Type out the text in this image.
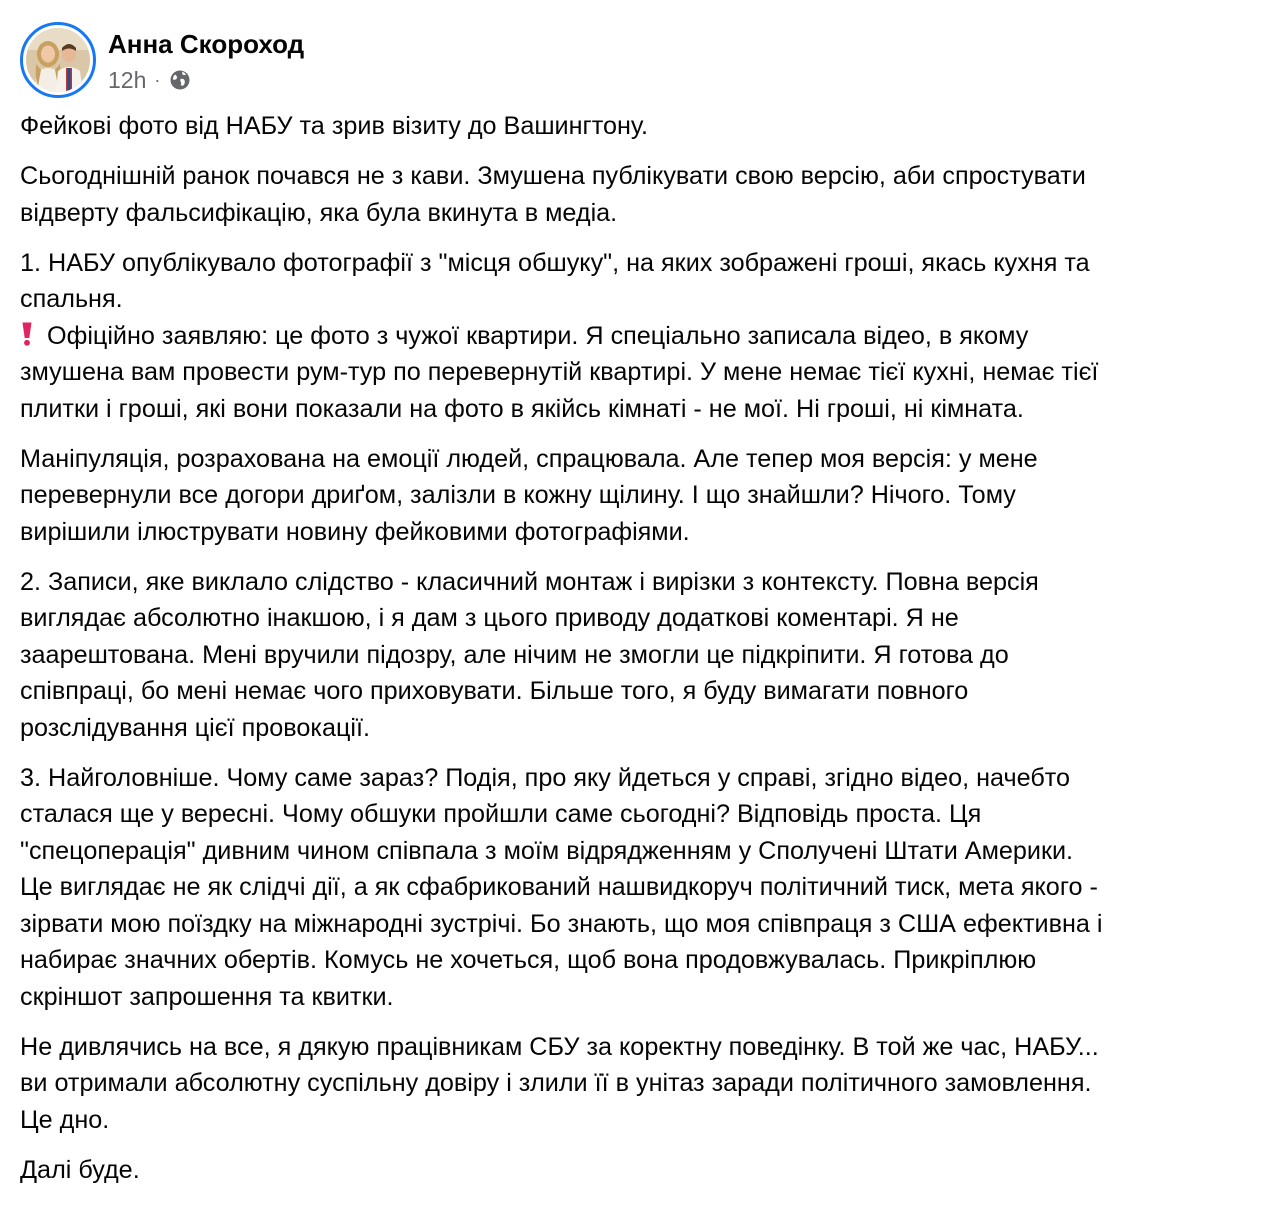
Анна Скороход
12h ·

Фейкові фото від НАБУ та зрив візиту до Вашингтону.

Сьогоднішній ранок почався не з кави. Змушена публікувати свою версію, аби спростувати
відверту фальсифікацію, яка була вкинута в медіа.

1. НАБУ опублікувало фотографії з "місця обшуку", на яких зображені гроші, якась кухня та
спальня.

Офіційно заявляю: це фото з чужої квартири. Я спеціально записала відео, в якому
змушена вам провести рум-тур по перевернутій квартирі. У мене немає тієї кухні, немає тієї
плитки і гроші, які вони показали на фото в якійсь кімнаті - не мої. Ні гроші, ні кімната.

Маніпуляція, розрахована на емоції людей, спрацювала. Але тепер моя версія: у мене
перевернули все догори дриґом, залізли в кожну щілину. І що знайшли? Нічого. Тому
вирішили ілюструвати новину фейковими фотографіями.

2. Записи, яке виклало слідство - класичний монтаж і вирізки з контексту. Повна версія
виглядає абсолютно інакшою, і я дам з цього приводу додаткові коментарі. Я не
заарештована. Мені вручили підозру, але нічим не змогли це підкріпити. Я готова до
співпраці, бо мені немає чого приховувати. Більше того, я буду вимагати повного
розслідування цієї провокації.

3. Найголовніше. Чому саме зараз? Подія, про яку йдеться у справі, згідно відео, начебто
сталася ще у вересні. Чому обшуки пройшли саме сьогодні? Відповідь проста. Ця
"спецоперація" дивним чином співпала з моїм відрядженням у Сполучені Штати Америки.
Це виглядає не як слідчі дії, а як сфабрикований нашвидкоруч політичний тиск, мета якого -
зірвати мою поїздку на міжнародні зустрічі. Бо знають, що моя співпраця з США ефективна і
набирає значних обертів. Комусь не хочеться, щоб вона продовжувалась. Прикріплюю
скріншот запрошення та квитки.

Не дивлячись на все, я дякую працівникам СБУ за коректну поведінку. В той же час, НАБУ...
ви отримали абсолютну суспільну довіру і злили її в унітаз заради політичного замовлення.
Це дно.

Далі буде.
